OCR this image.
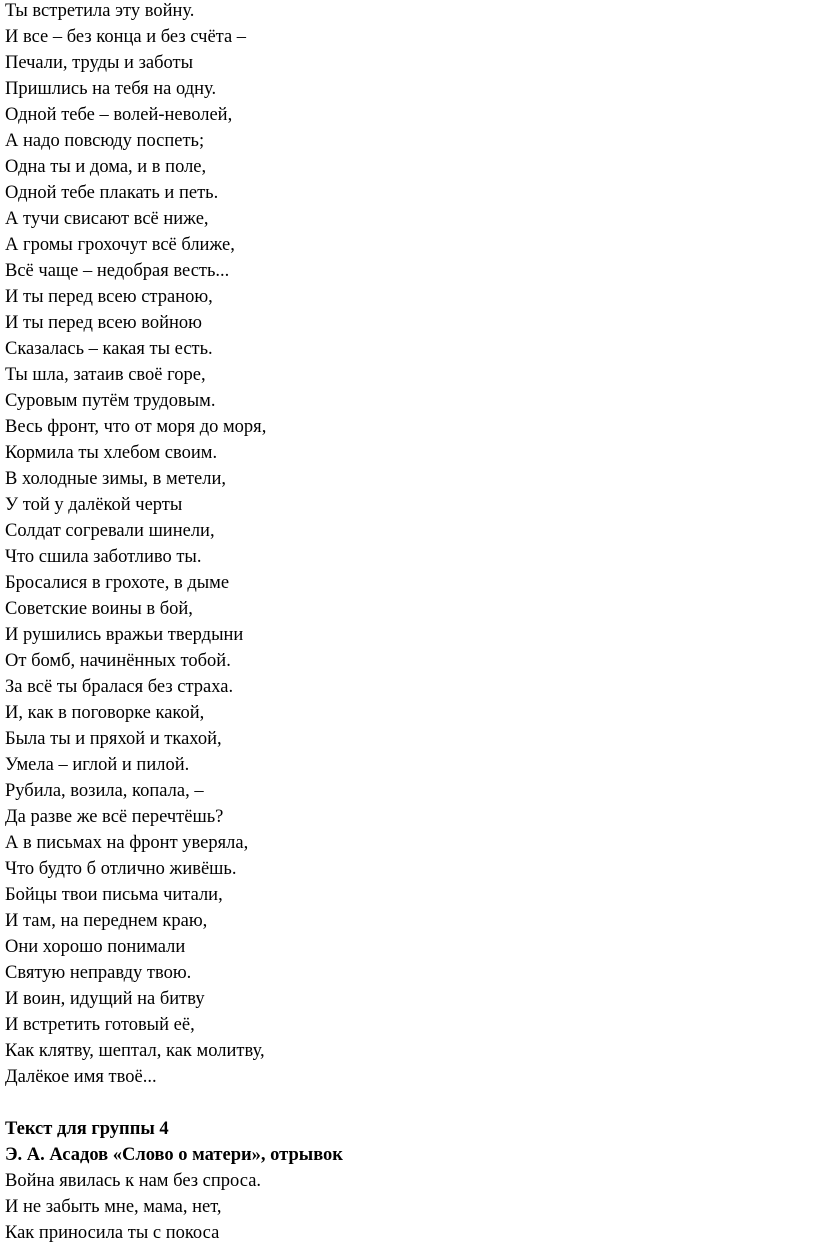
Ты встретила эту войну.
И все – без конца и без счёта –
Печали, труды и заботы
Пришлись на тебя на одну.
Одной тебе – волей-неволей,
А надо повсюду поспеть;
Одна ты и дома, и в поле,
Одной тебе плакать и петь.
А тучи свисают всё ниже,
А громы грохочут всё ближе,
Всё чаще – недобрая весть...
И ты перед всею страною,
И ты перед всею войною
Сказалась – какая ты есть.
Ты шла, затаив своё горе,
Суровым путём трудовым.
Весь фронт, что от моря до моря,
Кормила ты хлебом своим.
В холодные зимы, в метели,
У той у далёкой черты
Солдат согревали шинели,
Что сшила заботливо ты.
Бросалися в грохоте, в дыме
Советские воины в бой,
И рушились вражьи твердыни
От бомб, начинённых тобой.
За всё ты бралася без страха.
И, как в поговорке какой,
Была ты и пряхой и ткахой,
Умела – иглой и пилой.
Рубила, возила, копала, –
Да разве же всё перечтёшь?
А в письмах на фронт уверяла,
Что будто б отлично живёшь.
Бойцы твои письма читали,
И там, на переднем краю,
Они хорошо понимали
Святую неправду твою.
И воин, идущий на битву
И встретить готовый её,
Как клятву, шептал, как молитву,
Далёкое имя твоё...
Текст для группы 4
Э. А. Асадов «Слово о матери», отрывок
Война явилась к нам без спроса.
И не забыть мне, мама, нет,
Как приносила ты с покоса
